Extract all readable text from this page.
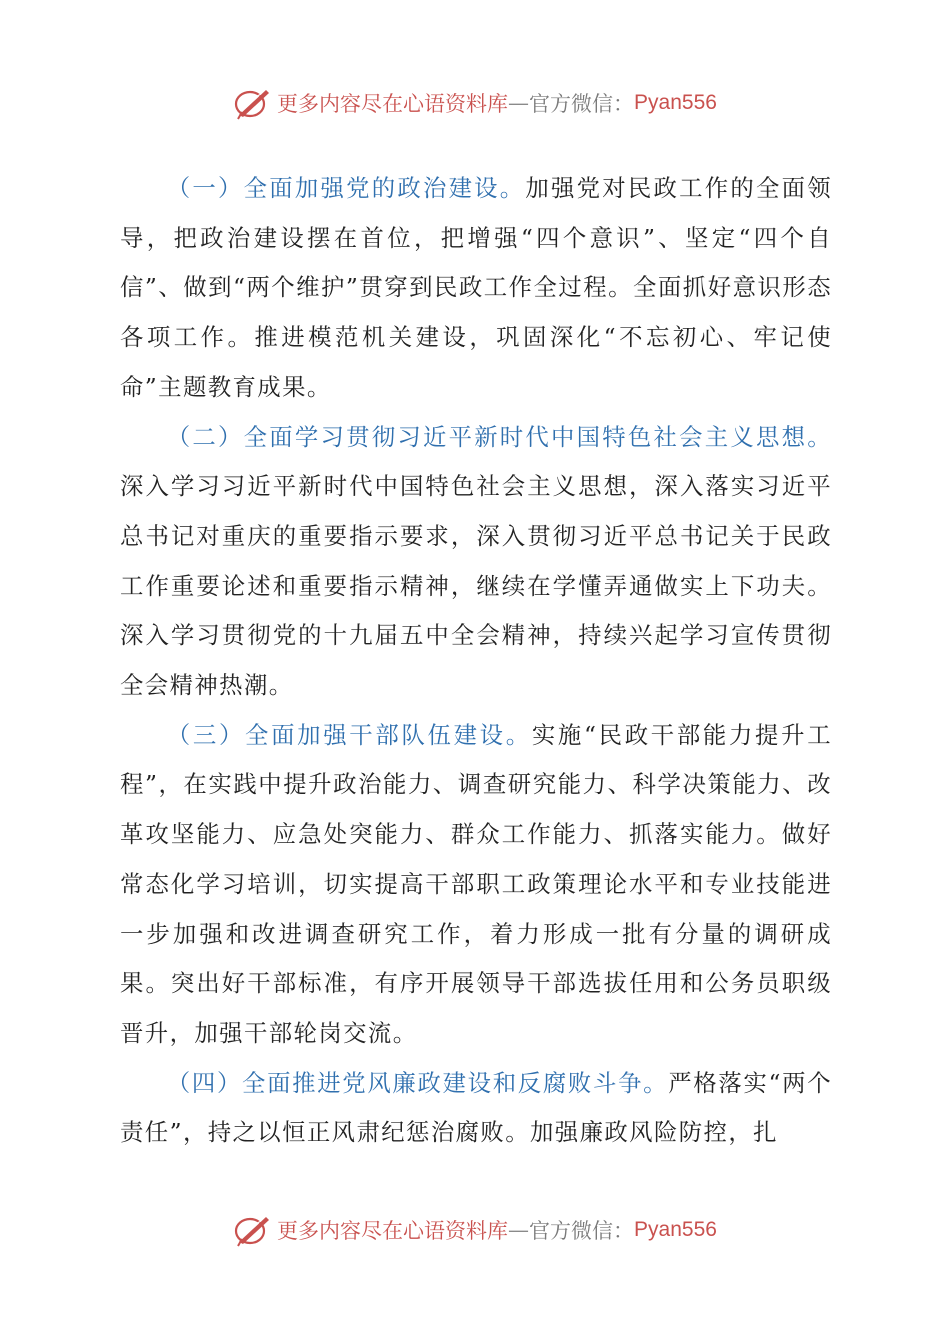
更多内容尽在心语资料库 — 官方微信： Pyan556

（一）全面加强党的政治建设。加强党对民政工作的全面领导，把政治建设摆在首位，把增强“四个意识”、坚定“四个自信”、做到“两个维护”贯穿到民政工作全过程。全面抓好意识形态各项工作。推进模范机关建设，巩固深化“不忘初心、牢记使命”主题教育成果。

（二）全面学习贯彻习近平新时代中国特色社会主义思想。深入学习习近平新时代中国特色社会主义思想，深入落实习近平总书记对重庆的重要指示要求，深入贯彻习近平总书记关于民政工作重要论述和重要指示精神，继续在学懂弄通做实上下功夫。深入学习贯彻党的十九届五中全会精神，持续兴起学习宣传贯彻全会精神热潮。

（三）全面加强干部队伍建设。实施“民政干部能力提升工程”，在实践中提升政治能力、调查研究能力、科学决策能力、改革攻坚能力、应急处突能力、群众工作能力、抓落实能力。做好常态化学习培训，切实提高干部职工政策理论水平和专业技能进一步加强和改进调查研究工作，着力形成一批有分量的调研成果。突出好干部标准，有序开展领导干部选拔任用和公务员职级晋升，加强干部轮岗交流。

（四）全面推进党风廉政建设和反腐败斗争。严格落实“两个责任”，持之以恒正风肃纪惩治腐败。加强廉政风险防控，扎

更多内容尽在心语资料库 — 官方微信： Pyan556
